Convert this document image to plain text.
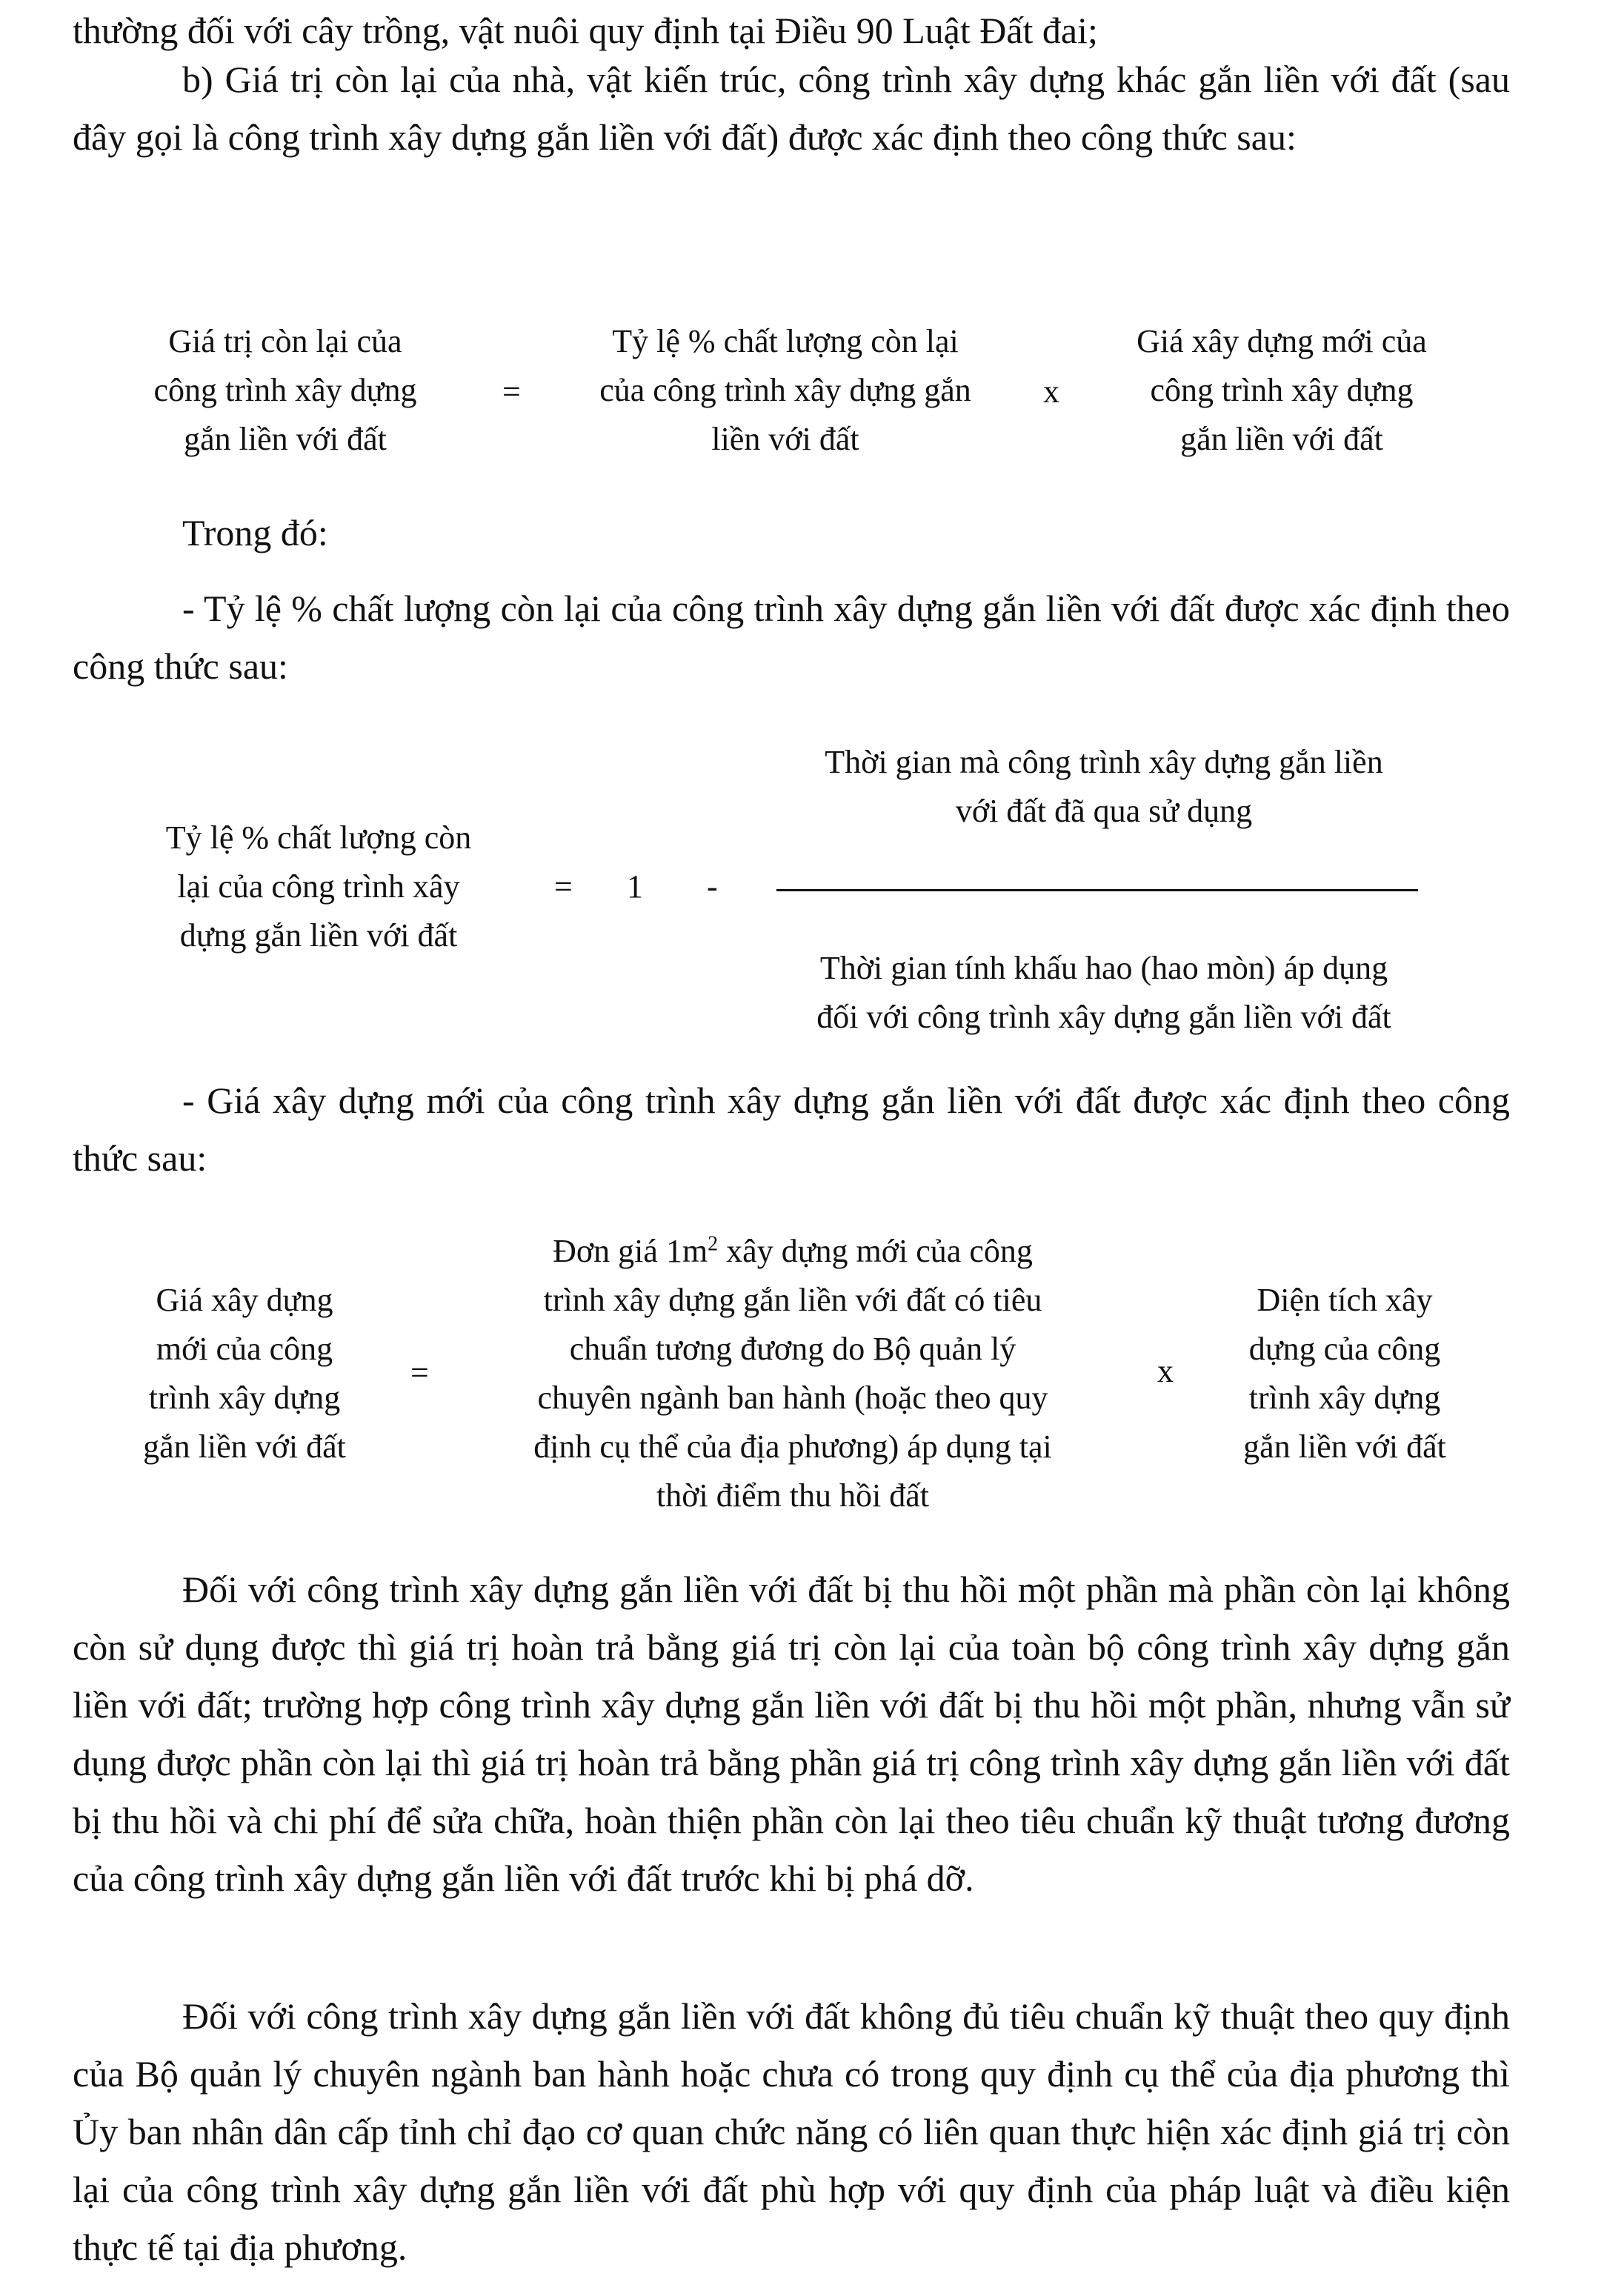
thường đối với cây trồng, vật nuôi quy định tại Điều 90 Luật Đất đai;
b) Giá trị còn lại của nhà, vật kiến trúc, công trình xây dựng khác gắn liền với đất (sau đây gọi là công trình xây dựng gắn liền với đất) được xác định theo công thức sau:
Giá trị còn lại của
công trình xây dựng
gắn liền với đất
=
Tỷ lệ % chất lượng còn lại
của công trình xây dựng gắn
liền với đất
x
Giá xây dựng mới của
công trình xây dựng
gắn liền với đất
Trong đó:
- Tỷ lệ % chất lượng còn lại của công trình xây dựng gắn liền với đất được xác định theo công thức sau:
Tỷ lệ % chất lượng còn
lại của công trình xây
dựng gắn liền với đất
= 1 -
Thời gian mà công trình xây dựng gắn liền
với đất đã qua sử dụng
Thời gian tính khấu hao (hao mòn) áp dụng
đối với công trình xây dựng gắn liền với đất
- Giá xây dựng mới của công trình xây dựng gắn liền với đất được xác định theo công thức sau:
Giá xây dựng
mới của công
trình xây dựng
gắn liền với đất
=
Đơn giá $1m^2$ xây dựng mới của công
trình xây dựng gắn liền với đất có tiêu
chuẩn tương đương do Bộ quản lý
chuyên ngành ban hành (hoặc theo quy
định cụ thể của địa phương) áp dụng tại
thời điểm thu hồi đất
x
Diện tích xây
dựng của công
trình xây dựng
gắn liền với đất
Đối với công trình xây dựng gắn liền với đất bị thu hồi một phần mà phần còn lại không còn sử dụng được thì giá trị hoàn trả bằng giá trị còn lại của toàn bộ công trình xây dựng gắn liền với đất; trường hợp công trình xây dựng gắn liền với đất bị thu hồi một phần, nhưng vẫn sử dụng được phần còn lại thì giá trị hoàn trả bằng phần giá trị công trình xây dựng gắn liền với đất bị thu hồi và chi phí để sửa chữa, hoàn thiện phần còn lại theo tiêu chuẩn kỹ thuật tương đương của công trình xây dựng gắn liền với đất trước khi bị phá dỡ.
Đối với công trình xây dựng gắn liền với đất không đủ tiêu chuẩn kỹ thuật theo quy định của Bộ quản lý chuyên ngành ban hành hoặc chưa có trong quy định cụ thể của địa phương thì Ủy ban nhân dân cấp tỉnh chỉ đạo cơ quan chức năng có liên quan thực hiện xác định giá trị còn lại của công trình xây dựng gắn liền với đất phù hợp với quy định của pháp luật và điều kiện thực tế tại địa phương.
